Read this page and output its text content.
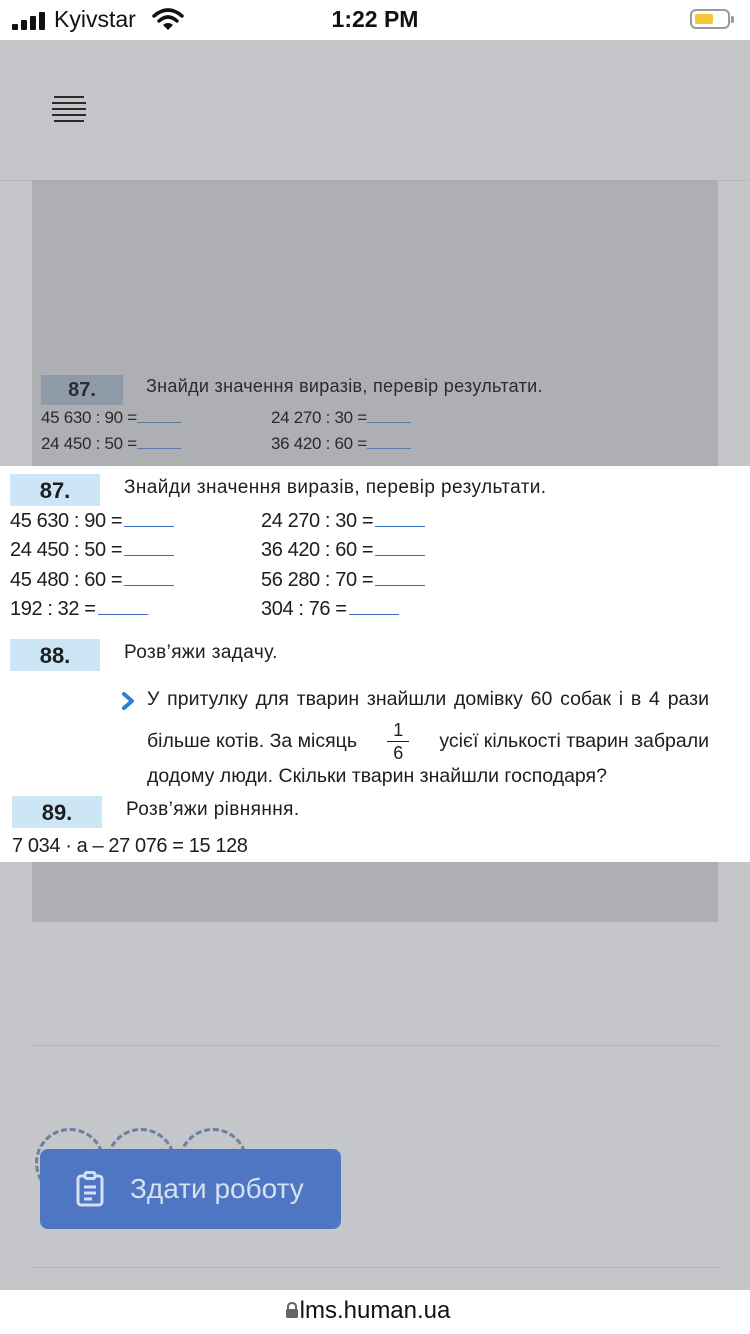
Kyivstar	1:22 PM
87.	Знайди значення виразів, перевір результати.
45 630 : 90 =	24 270 : 30 =
24 450 : 50 =	36 420 : 60 =
87.	Знайди значення виразів, перевір результати.
45 630 : 90 =	24 270 : 30 =
24 450 : 50 =	36 420 : 60 =
45 480 : 60 =	56 280 : 70 =
192 : 32 =	304 : 76 =
88.	Розв’яжи задачу.
У притулку для тварин знайшли домівку 60 собак і в 4 рази
більше котів. За місяць $\frac{1}{6}$ усієї кількості тварин забрали
додому люди. Скільки тварин знайшли господаря?
89.	Розв’яжи рівняння.
7 034 · a – 27 076 = 15 128
Здати роботу
lms.human.ua
